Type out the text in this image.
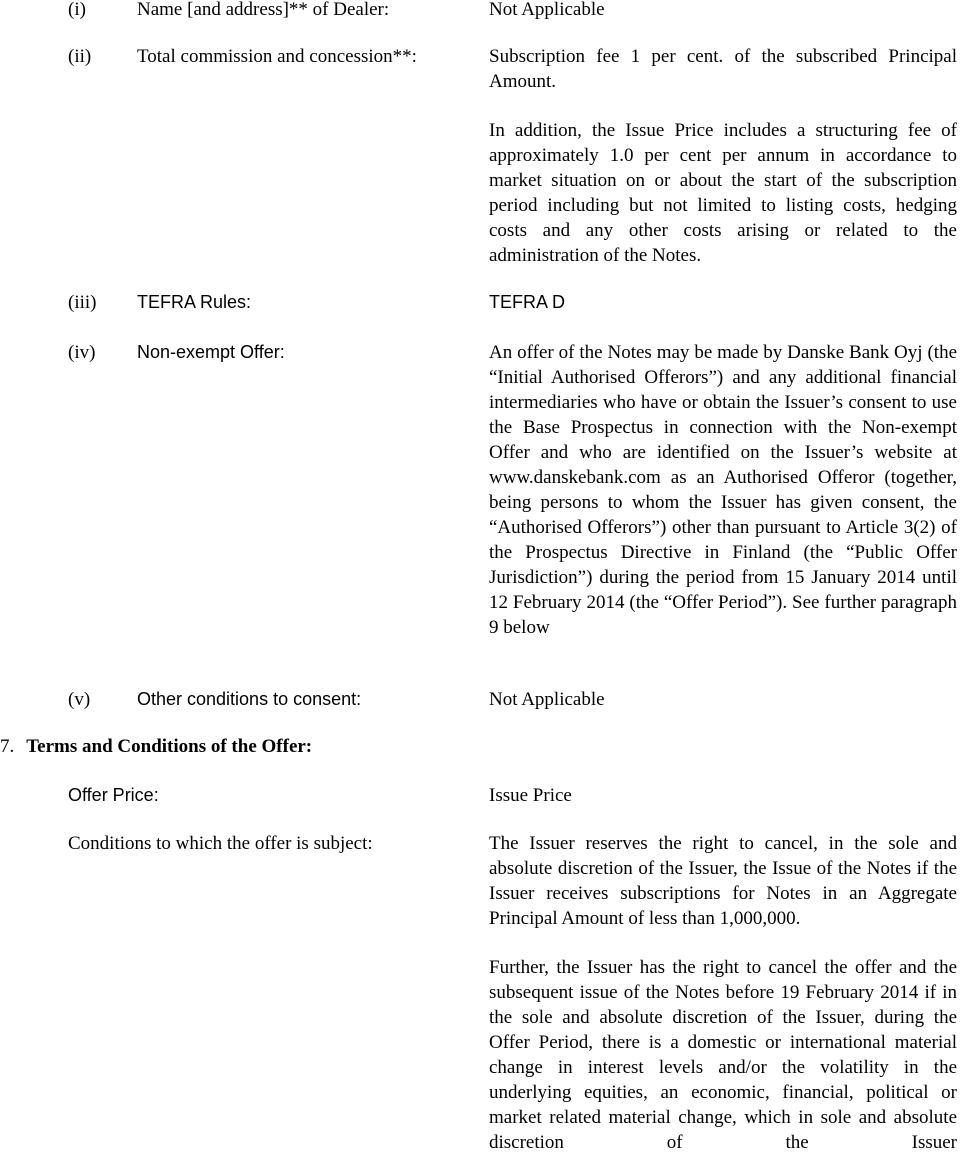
(i)	Name [and address]** of Dealer:	Not Applicable
(ii) Total commission and concession**:	Subscription fee 1 per cent. of the subscribed Principal Amount.
In addition, the Issue Price includes a structuring fee of approximately 1.0 per cent per annum in accordance to market situation on or about the start of the subscription period including but not limited to listing costs, hedging costs and any other costs arising or related to the administration of the Notes.
(iii) TEFRA Rules:	TEFRA D
(iv) Non-exempt Offer:	An offer of the Notes may be made by Danske Bank Oyj (the “Initial Authorised Offerors”) and any additional financial intermediaries who have or obtain the Issuer’s consent to use the Base Prospectus in connection with the Non-exempt Offer and who are identified on the Issuer’s website at www.danskebank.com as an Authorised Offeror (together, being persons to whom the Issuer has given consent, the “Authorised Offerors”) other than pursuant to Article 3(2) of the Prospectus Directive in Finland (the “Public Offer Jurisdiction”) during the period from 15 January 2014 until 12 February 2014 (the “Offer Period”). See further paragraph 9 below
(v)	Other conditions to consent:	Not Applicable
7. Terms and Conditions of the Offer:
Offer Price:	Issue Price
Conditions to which the offer is subject:	The Issuer reserves the right to cancel, in the sole and absolute discretion of the Issuer, the Issue of the Notes if the Issuer receives subscriptions for Notes in an Aggregate Principal Amount of less than 1,000,000.
Further, the Issuer has the right to cancel the offer and the subsequent issue of the Notes before 19 February 2014 if in the sole and absolute discretion of the Issuer, during the Offer Period, there is a domestic or international material change in interest levels and/or the volatility in the underlying equities, an economic, financial, political or market related material change, which in sole and absolute discretion of the Issuer
